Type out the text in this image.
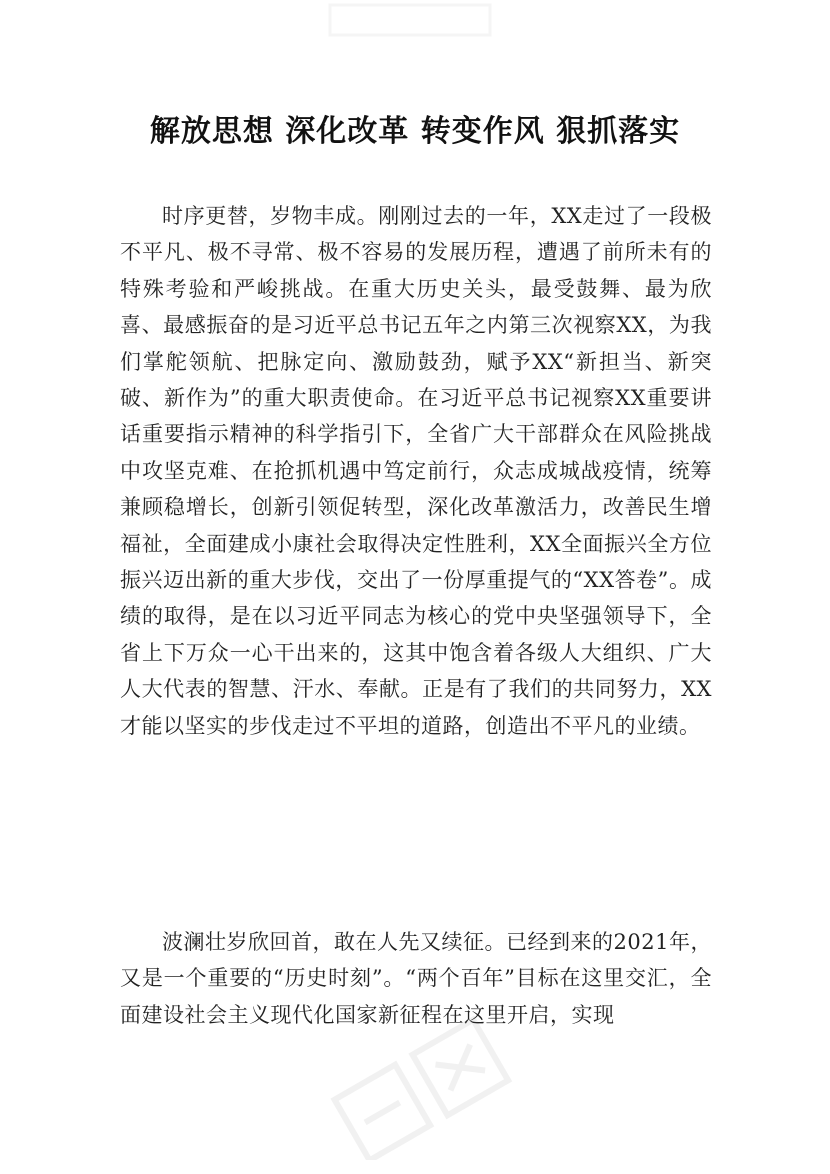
解放思想 深化改革 转变作风 狠抓落实

时序更替，岁物丰成。刚刚过去的一年，XX走过了一段极不平凡、极不寻常、极不容易的发展历程，遭遇了前所未有的特殊考验和严峻挑战。在重大历史关头，最受鼓舞、最为欣喜、最感振奋的是习近平总书记五年之内第三次视察XX，为我们掌舵领航、把脉定向、激励鼓劲，赋予XX“新担当、新突破、新作为”的重大职责使命。在习近平总书记视察XX重要讲话重要指示精神的科学指引下，全省广大干部群众在风险挑战中攻坚克难、在抢抓机遇中笃定前行，众志成城战疫情，统筹兼顾稳增长，创新引领促转型，深化改革激活力，改善民生增福祉，全面建成小康社会取得决定性胜利，XX全面振兴全方位振兴迈出新的重大步伐，交出了一份厚重提气的“XX答卷”。成绩的取得，是在以习近平同志为核心的党中央坚强领导下，全省上下万众一心干出来的，这其中饱含着各级人大组织、广大人大代表的智慧、汗水、奉献。正是有了我们的共同努力，XX才能以坚实的步伐走过不平坦的道路，创造出不平凡的业绩。

波澜壮岁欣回首，敢在人先又续征。已经到来的2021年，又是一个重要的“历史时刻”。“两个百年”目标在这里交汇，全面建设社会主义现代化国家新征程在这里开启，实现
